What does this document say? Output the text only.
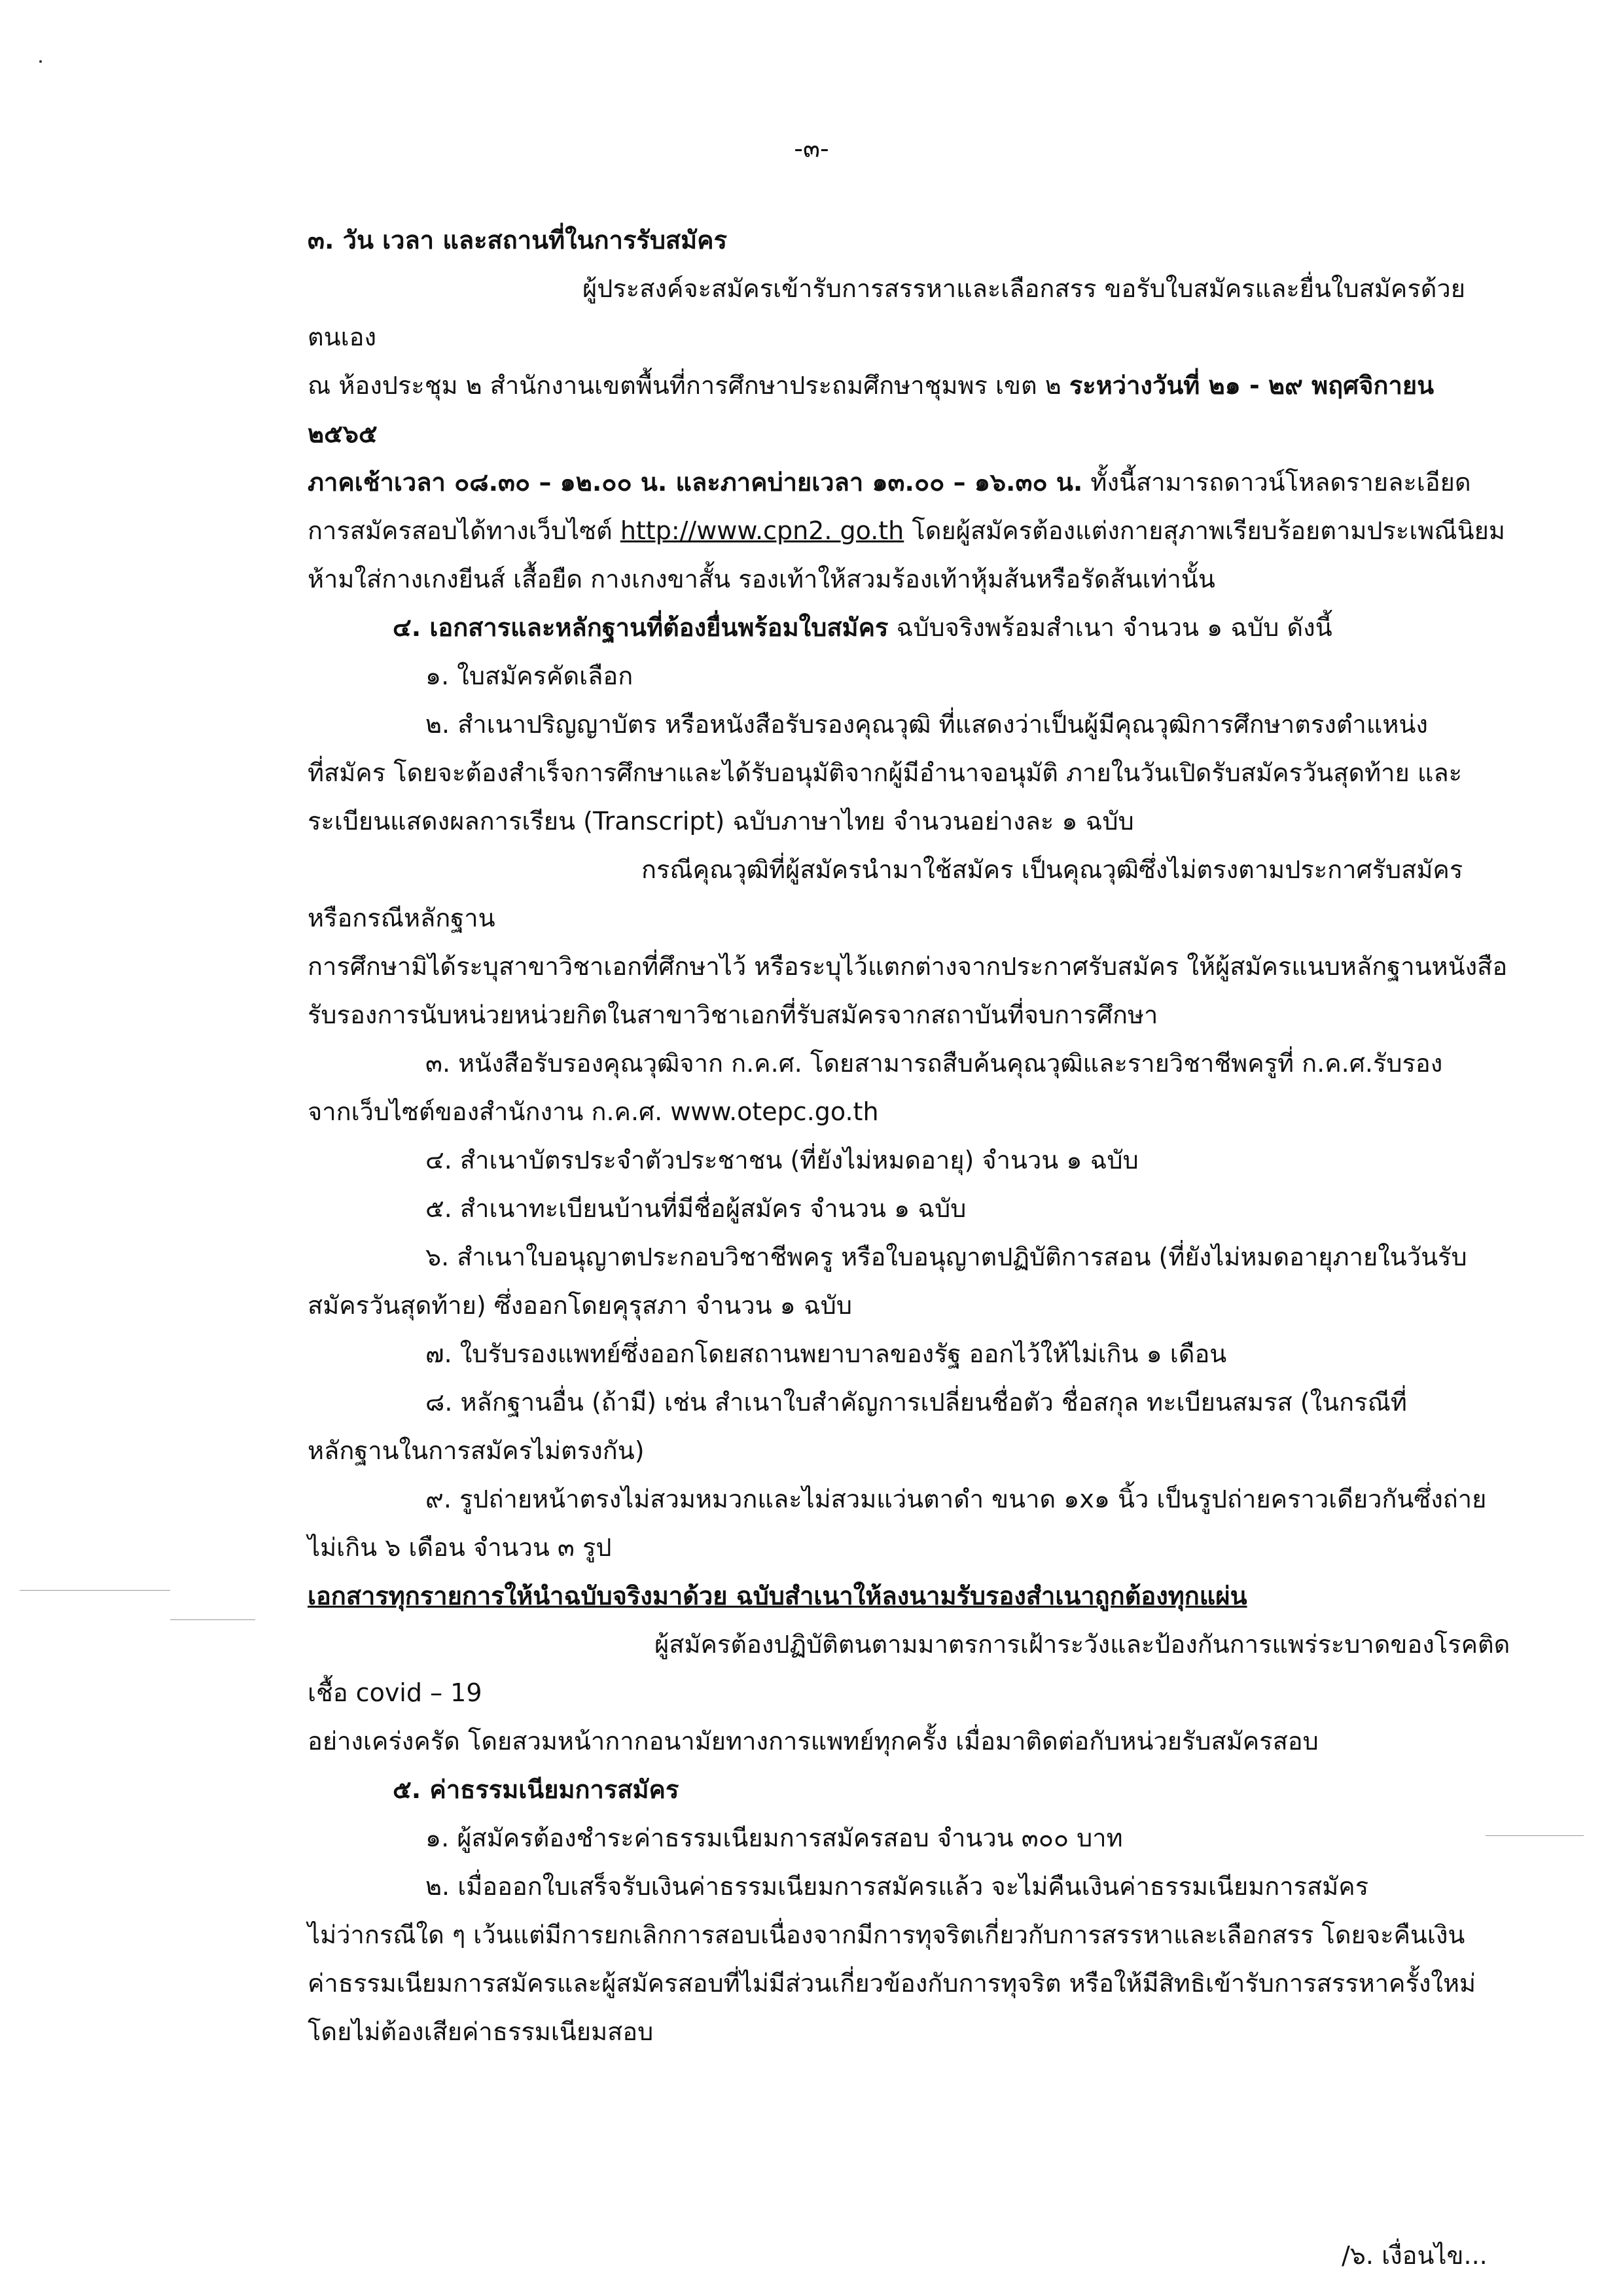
-๓-

๓. วัน เวลา และสถานที่ในการรับสมัคร

ผู้ประสงค์จะสมัครเข้ารับการสรรหาและเลือกสรร ขอรับใบสมัครและยื่นใบสมัครด้วยตนเอง

ณ ห้องประชุม ๒ สำนักงานเขตพื้นที่การศึกษาประถมศึกษาชุมพร เขต ๒ ระหว่างวันที่ ๒๑ - ๒๙ พฤศจิกายน ๒๕๖๕

ภาคเช้าเวลา ๐๘.๓๐ – ๑๒.๐๐ น. และภาคบ่ายเวลา ๑๓.๐๐ – ๑๖.๓๐ น. ทั้งนี้สามารถดาวน์โหลดรายละเอียด

การสมัครสอบได้ทางเว็บไซต์ http://www.cpn2. go.th โดยผู้สมัครต้องแต่งกายสุภาพเรียบร้อยตามประเพณีนิยม

ห้ามใส่กางเกงยีนส์ เสื้อยืด กางเกงขาสั้น รองเท้าให้สวมร้องเท้าหุ้มส้นหรือรัดส้นเท่านั้น

๔. เอกสารและหลักฐานที่ต้องยื่นพร้อมใบสมัคร ฉบับจริงพร้อมสำเนา จำนวน ๑ ฉบับ ดังนี้

๑. ใบสมัครคัดเลือก

๒. สำเนาปริญญาบัตร หรือหนังสือรับรองคุณวุฒิ ที่แสดงว่าเป็นผู้มีคุณวุฒิการศึกษาตรงตำแหน่ง

ที่สมัคร โดยจะต้องสำเร็จการศึกษาและได้รับอนุมัติจากผู้มีอำนาจอนุมัติ ภายในวันเปิดรับสมัครวันสุดท้าย และ

ระเบียนแสดงผลการเรียน (Transcript) ฉบับภาษาไทย จำนวนอย่างละ ๑ ฉบับ

กรณีคุณวุฒิที่ผู้สมัครนำมาใช้สมัคร เป็นคุณวุฒิซึ่งไม่ตรงตามประกาศรับสมัคร หรือกรณีหลักฐาน

การศึกษามิได้ระบุสาขาวิชาเอกที่ศึกษาไว้ หรือระบุไว้แตกต่างจากประกาศรับสมัคร ให้ผู้สมัครแนบหลักฐานหนังสือ

รับรองการนับหน่วยหน่วยกิตในสาขาวิชาเอกที่รับสมัครจากสถาบันที่จบการศึกษา

๓. หนังสือรับรองคุณวุฒิจาก ก.ค.ศ. โดยสามารถสืบค้นคุณวุฒิและรายวิชาชีพครูที่ ก.ค.ศ.รับรอง

จากเว็บไซต์ของสำนักงาน ก.ค.ศ. www.otepc.go.th

๔. สำเนาบัตรประจำตัวประชาชน (ที่ยังไม่หมดอายุ) จำนวน ๑ ฉบับ

๕. สำเนาทะเบียนบ้านที่มีชื่อผู้สมัคร จำนวน ๑ ฉบับ

๖. สำเนาใบอนุญาตประกอบวิชาชีพครู หรือใบอนุญาตปฏิบัติการสอน (ที่ยังไม่หมดอายุภายในวันรับ

สมัครวันสุดท้าย) ซึ่งออกโดยคุรุสภา จำนวน ๑ ฉบับ

๗. ใบรับรองแพทย์ซึ่งออกโดยสถานพยาบาลของรัฐ ออกไว้ให้ไม่เกิน ๑ เดือน

๘. หลักฐานอื่น (ถ้ามี) เช่น สำเนาใบสำคัญการเปลี่ยนชื่อตัว ชื่อสกุล ทะเบียนสมรส (ในกรณีที่

หลักฐานในการสมัครไม่ตรงกัน)

๙. รูปถ่ายหน้าตรงไม่สวมหมวกและไม่สวมแว่นตาดำ ขนาด ๑x๑ นิ้ว เป็นรูปถ่ายคราวเดียวกันซึ่งถ่าย

ไม่เกิน ๖ เดือน จำนวน ๓ รูป

เอกสารทุกรายการให้นำฉบับจริงมาด้วย ฉบับสำเนาให้ลงนามรับรองสำเนาถูกต้องทุกแผ่น

ผู้สมัครต้องปฏิบัติตนตามมาตรการเฝ้าระวังและป้องกันการแพร่ระบาดของโรคติดเชื้อ covid – 19

อย่างเคร่งครัด โดยสวมหน้ากากอนามัยทางการแพทย์ทุกครั้ง เมื่อมาติดต่อกับหน่วยรับสมัครสอบ

๕. ค่าธรรมเนียมการสมัคร

๑. ผู้สมัครต้องชำระค่าธรรมเนียมการสมัครสอบ จำนวน ๓๐๐ บาท

๒. เมื่อออกใบเสร็จรับเงินค่าธรรมเนียมการสมัครแล้ว จะไม่คืนเงินค่าธรรมเนียมการสมัคร

ไม่ว่ากรณีใด ๆ เว้นแต่มีการยกเลิกการสอบเนื่องจากมีการทุจริตเกี่ยวกับการสรรหาและเลือกสรร โดยจะคืนเงิน

ค่าธรรมเนียมการสมัครและผู้สมัครสอบที่ไม่มีส่วนเกี่ยวข้องกับการทุจริต หรือให้มีสิทธิเข้ารับการสรรหาครั้งใหม่

โดยไม่ต้องเสียค่าธรรมเนียมสอบ

/๖. เงื่อนไข...
